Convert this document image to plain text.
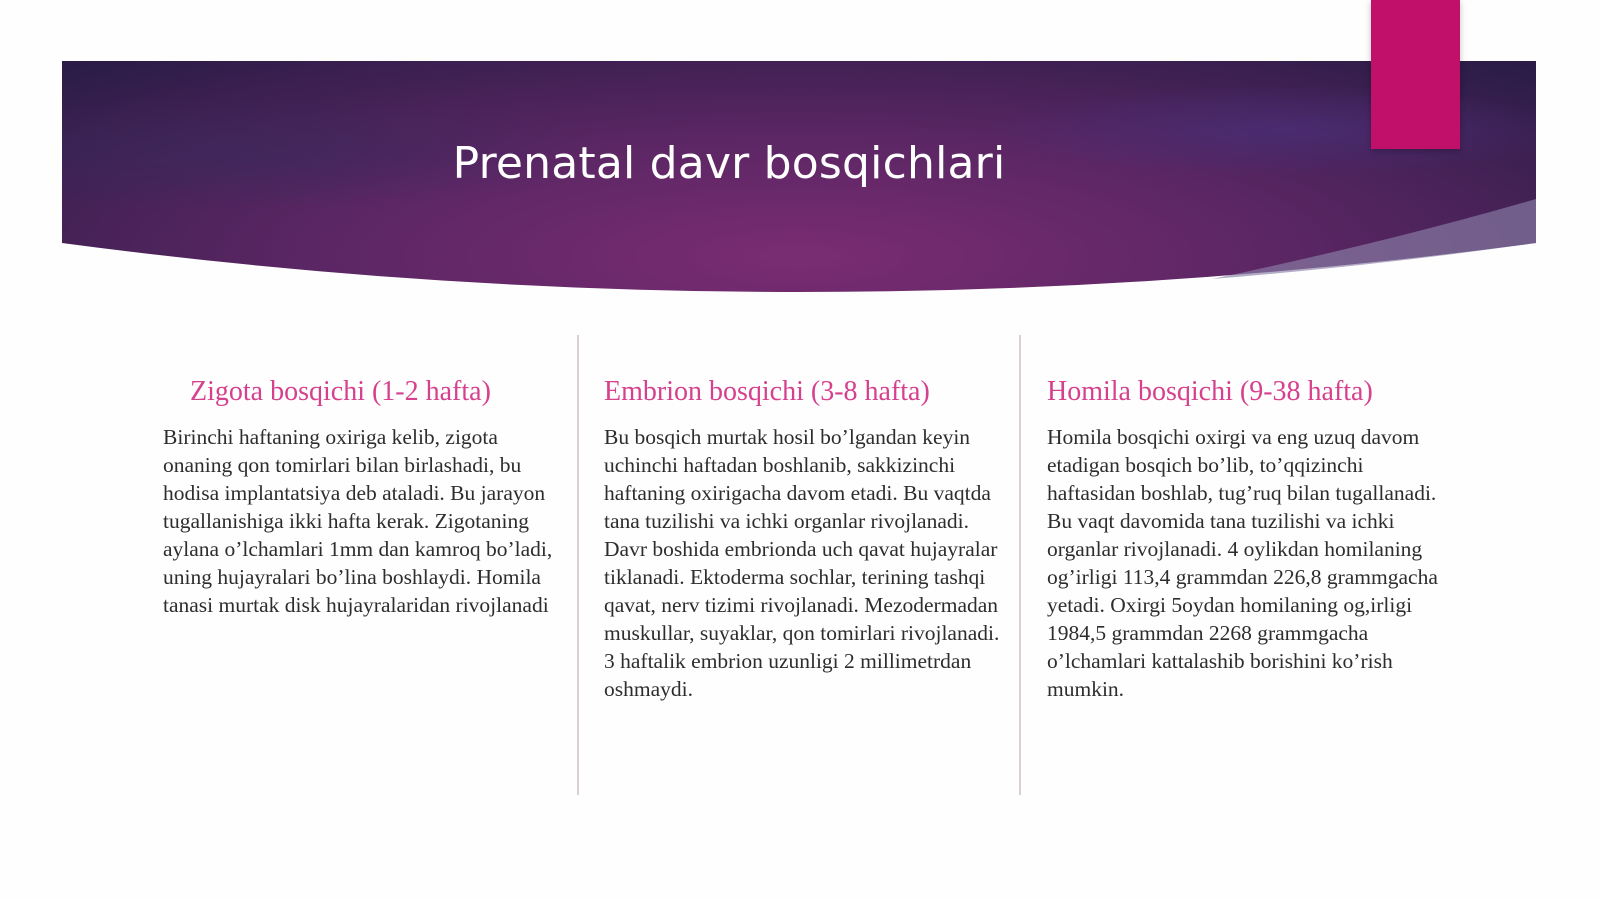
Prenatal davr bosqichlari
Zigota bosqichi (1-2 hafta)

Birinchi haftaning oxiriga kelib, zigota onaning qon tomirlari bilan birlashadi, bu hodisa implantatsiya deb ataladi. Bu jarayon tugallanishiga ikki hafta kerak. Zigotaning aylana o’lchamlari 1mm dan kamroq bo’ladi, uning hujayralari bo’lina boshlaydi. Homila tanasi murtak disk hujayralaridan rivojlanadi

Embrion bosqichi (3-8 hafta)

Bu bosqich murtak hosil bo’lgandan keyin uchinchi haftadan boshlanib, sakkizinchi haftaning oxirigacha davom etadi. Bu vaqtda tana tuzilishi va ichki organlar rivojlanadi. Davr boshida embrionda uch qavat hujayralar tiklanadi. Ektoderma sochlar, terining tashqi qavat, nerv tizimi rivojlanadi. Mezodermadan muskullar, suyaklar, qon tomirlari rivojlanadi. 3 haftalik embrion uzunligi 2 millimetrdan oshmaydi.

Homila bosqichi (9-38 hafta)

Homila bosqichi oxirgi va eng uzuq davom etadigan bosqich bo’lib, to’qqizinchi haftasidan boshlab, tug’ruq bilan tugallanadi. Bu vaqt davomida tana tuzilishi va ichki organlar rivojlanadi. 4 oylikdan homilaning og’irligi 113,4 grammdan 226,8 grammgacha yetadi. Oxirgi 5oydan homilaning og,irligi 1984,5 grammdan 2268 grammgacha o’lchamlari kattalashib borishini ko’rish mumkin.
